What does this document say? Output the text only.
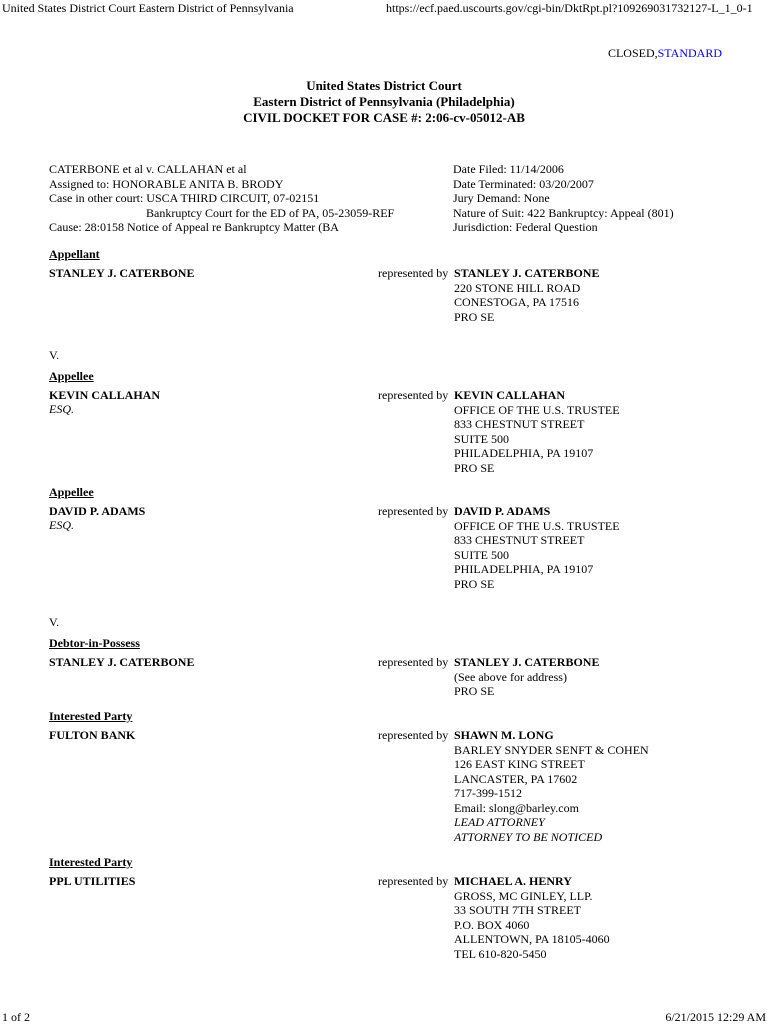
United States District Court Eastern District of Pennsylvania	https://ecf.paed.uscourts.gov/cgi-bin/DktRpt.pl?109269031732127-L_1_0-1
CLOSED,STANDARD
United States District Court
Eastern District of Pennsylvania (Philadelphia)
CIVIL DOCKET FOR CASE #: 2:06-cv-05012-AB
CATERBONE et al v. CALLAHAN et al
Assigned to: HONORABLE ANITA B. BRODY
Case in other court: USCA THIRD CIRCUIT, 07-02151
Bankruptcy Court for the ED of PA, 05-23059-REF
Cause: 28:0158 Notice of Appeal re Bankruptcy Matter (BA
Date Filed: 11/14/2006
Date Terminated: 03/20/2007
Jury Demand: None
Nature of Suit: 422 Bankruptcy: Appeal (801)
Jurisdiction: Federal Question
Appellant
STANLEY J. CATERBONE	represented by STANLEY J. CATERBONE
220 STONE HILL ROAD
CONESTOGA, PA 17516
PRO SE
V.
Appellee
KEVIN CALLAHAN
ESQ.
represented by KEVIN CALLAHAN
OFFICE OF THE U.S. TRUSTEE
833 CHESTNUT STREET
SUITE 500
PHILADELPHIA, PA 19107
PRO SE
Appellee
DAVID P. ADAMS
ESQ.
represented by DAVID P. ADAMS
OFFICE OF THE U.S. TRUSTEE
833 CHESTNUT STREET
SUITE 500
PHILADELPHIA, PA 19107
PRO SE
V.
Debtor-in-Possess
STANLEY J. CATERBONE	represented by STANLEY J. CATERBONE
(See above for address)
PRO SE
Interested Party
FULTON BANK	represented by SHAWN M. LONG
BARLEY SNYDER SENFT & COHEN
126 EAST KING STREET
LANCASTER, PA 17602
717-399-1512
Email: slong@barley.com
LEAD ATTORNEY
ATTORNEY TO BE NOTICED
Interested Party
PPL UTILITIES	represented by MICHAEL A. HENRY
GROSS, MC GINLEY, LLP.
33 SOUTH 7TH STREET
P.O. BOX 4060
ALLENTOWN, PA 18105-4060
TEL 610-820-5450
1 of 2	6/21/2015 12:29 AM
